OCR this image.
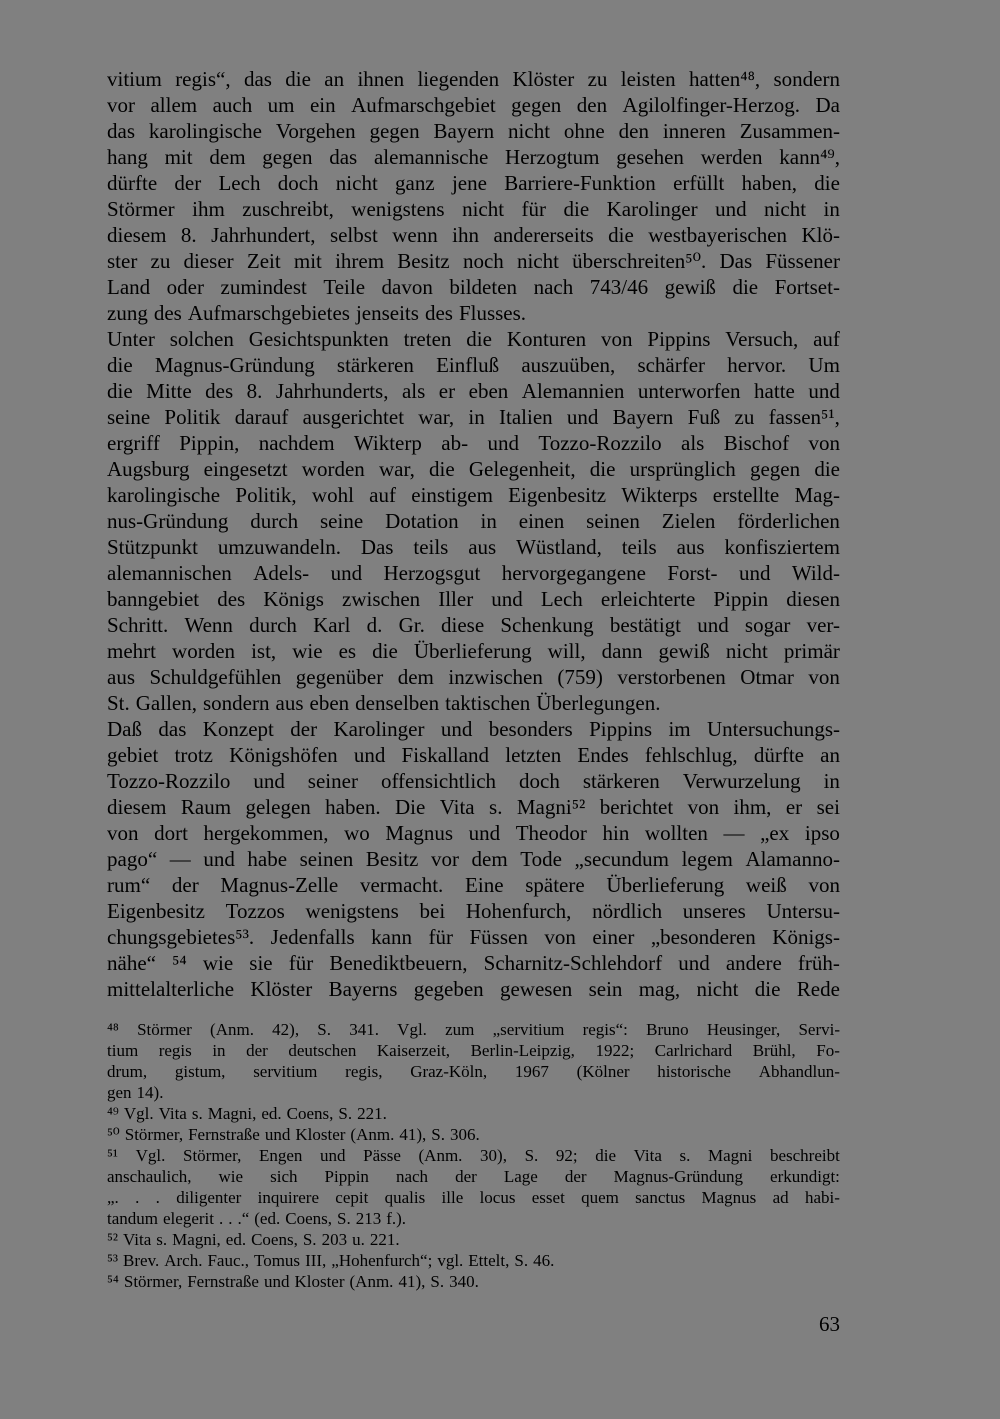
vitium regis“, das die an ihnen liegenden Klöster zu leisten hatten⁴⁸, sondern
vor allem auch um ein Aufmarschgebiet gegen den Agilolfinger-Herzog. Da
das karolingische Vorgehen gegen Bayern nicht ohne den inneren Zusammen-
hang mit dem gegen das alemannische Herzogtum gesehen werden kann⁴⁹,
dürfte der Lech doch nicht ganz jene Barriere-Funktion erfüllt haben, die
Störmer ihm zuschreibt, wenigstens nicht für die Karolinger und nicht in
diesem 8. Jahrhundert, selbst wenn ihn andererseits die westbayerischen Klö-
ster zu dieser Zeit mit ihrem Besitz noch nicht überschreiten⁵⁰. Das Füssener
Land oder zumindest Teile davon bildeten nach 743/46 gewiß die Fortset-
zung des Aufmarschgebietes jenseits des Flusses.
Unter solchen Gesichtspunkten treten die Konturen von Pippins Versuch, auf
die Magnus-Gründung stärkeren Einfluß auszuüben, schärfer hervor. Um
die Mitte des 8. Jahrhunderts, als er eben Alemannien unterworfen hatte und
seine Politik darauf ausgerichtet war, in Italien und Bayern Fuß zu fassen⁵¹,
ergriff Pippin, nachdem Wikterp ab- und Tozzo-Rozzilo als Bischof von
Augsburg eingesetzt worden war, die Gelegenheit, die ursprünglich gegen die
karolingische Politik, wohl auf einstigem Eigenbesitz Wikterps erstellte Mag-
nus-Gründung durch seine Dotation in einen seinen Zielen förderlichen
Stützpunkt umzuwandeln. Das teils aus Wüstland, teils aus konfisziertem
alemannischen Adels- und Herzogsgut hervorgegangene Forst- und Wild-
banngebiet des Königs zwischen Iller und Lech erleichterte Pippin diesen
Schritt. Wenn durch Karl d. Gr. diese Schenkung bestätigt und sogar ver-
mehrt worden ist, wie es die Überlieferung will, dann gewiß nicht primär
aus Schuldgefühlen gegenüber dem inzwischen (759) verstorbenen Otmar von
St. Gallen, sondern aus eben denselben taktischen Überlegungen.
Daß das Konzept der Karolinger und besonders Pippins im Untersuchungs-
gebiet trotz Königshöfen und Fiskalland letzten Endes fehlschlug, dürfte an
Tozzo-Rozzilo und seiner offensichtlich doch stärkeren Verwurzelung in
diesem Raum gelegen haben. Die Vita s. Magni⁵² berichtet von ihm, er sei
von dort hergekommen, wo Magnus und Theodor hin wollten — „ex ipso
pago“ — und habe seinen Besitz vor dem Tode „secundum legem Alamanno-
rum“ der Magnus-Zelle vermacht. Eine spätere Überlieferung weiß von
Eigenbesitz Tozzos wenigstens bei Hohenfurch, nördlich unseres Untersu-
chungsgebietes⁵³. Jedenfalls kann für Füssen von einer „besonderen Königs-
nähe“ ⁵⁴ wie sie für Benediktbeuern, Scharnitz-Schlehdorf und andere früh-
mittelalterliche Klöster Bayerns gegeben gewesen sein mag, nicht die Rede
⁴⁸ Störmer (Anm. 42), S. 341. Vgl. zum „servitium regis“: Bruno Heusinger, Servi-
tium regis in der deutschen Kaiserzeit, Berlin-Leipzig, 1922; Carlrichard Brühl, Fo-
drum, gistum, servitium regis, Graz-Köln, 1967 (Kölner historische Abhandlun-
gen 14).
⁴⁹ Vgl. Vita s. Magni, ed. Coens, S. 221.
⁵⁰ Störmer, Fernstraße und Kloster (Anm. 41), S. 306.
⁵¹ Vgl. Störmer, Engen und Pässe (Anm. 30), S. 92; die Vita s. Magni beschreibt
anschaulich, wie sich Pippin nach der Lage der Magnus-Gründung erkundigt:
„. . . diligenter inquirere cepit qualis ille locus esset quem sanctus Magnus ad habi-
tandum elegerit . . .“ (ed. Coens, S. 213 f.).
⁵² Vita s. Magni, ed. Coens, S. 203 u. 221.
⁵³ Brev. Arch. Fauc., Tomus III, „Hohenfurch“; vgl. Ettelt, S. 46.
⁵⁴ Störmer, Fernstraße und Kloster (Anm. 41), S. 340.
63
